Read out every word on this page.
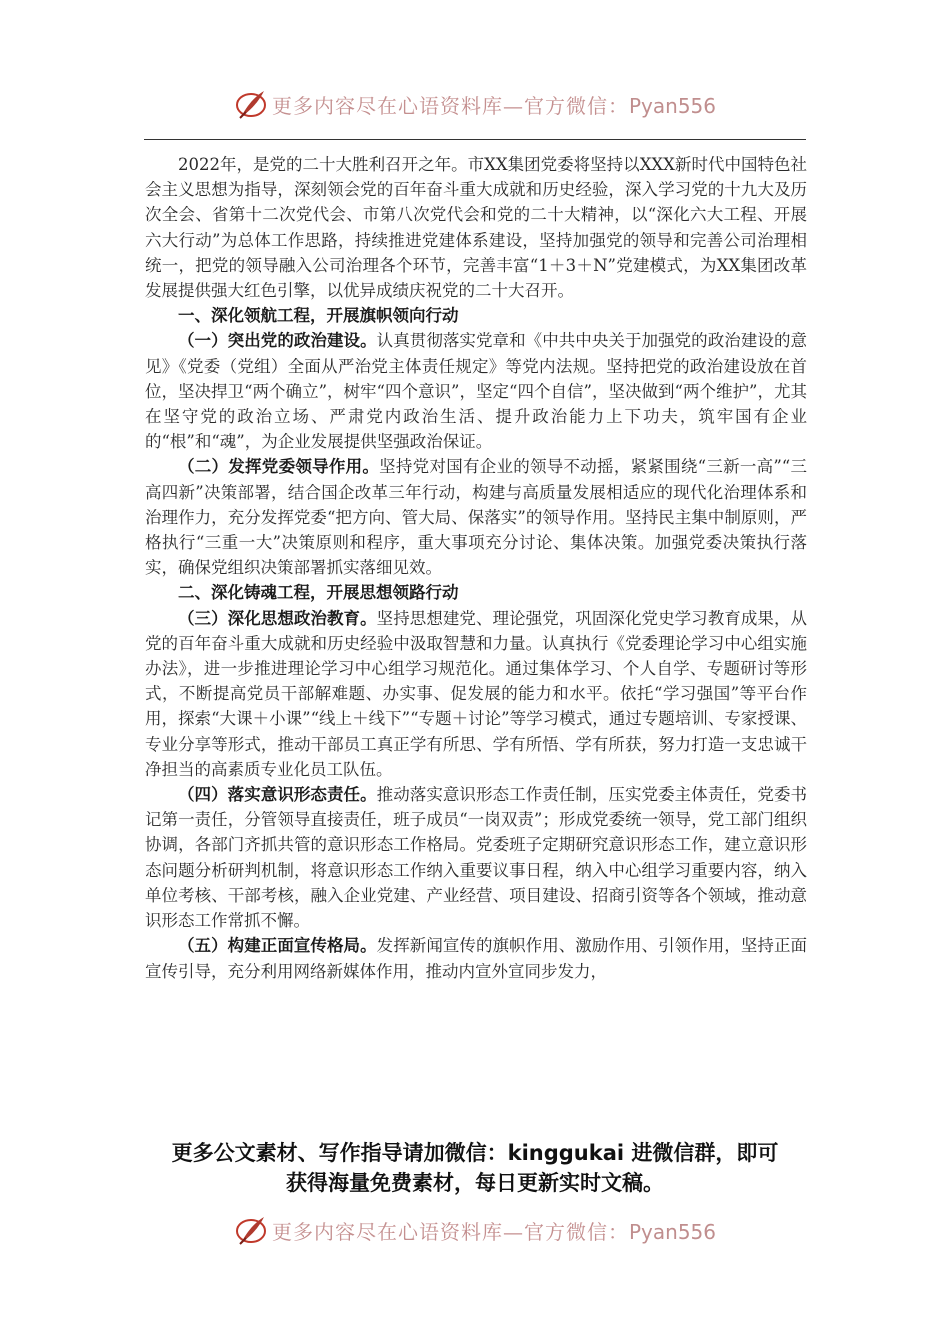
更多内容尽在心语资料库—官方微信：Pyan556

2022年，是党的二十大胜利召开之年。市XX集团党委将坚持以XXX新时代中国特色社会主义思想为指导，深刻领会党的百年奋斗重大成就和历史经验，深入学习党的十九大及历次全会、省第十二次党代会、市第八次党代会和党的二十大精神，以“深化六大工程、开展六大行动”为总体工作思路，持续推进党建体系建设，坚持加强党的领导和完善公司治理相统一，把党的领导融入公司治理各个环节，完善丰富“1＋3＋N”党建模式，为XX集团改革发展提供强大红色引擎，以优异成绩庆祝党的二十大召开。

一、深化领航工程，开展旗帜领向行动

（一）突出党的政治建设。认真贯彻落实党章和《中共中央关于加强党的政治建设的意见》《党委（党组）全面从严治党主体责任规定》等党内法规。坚持把党的政治建设放在首位，坚决捍卫“两个确立”，树牢“四个意识”，坚定“四个自信”，坚决做到“两个维护”，尤其在坚守党的政治立场、严肃党内政治生活、提升政治能力上下功夫，筑牢国有企业的“根”和“魂”，为企业发展提供坚强政治保证。

（二）发挥党委领导作用。坚持党对国有企业的领导不动摇，紧紧围绕“三新一高”“三高四新”决策部署，结合国企改革三年行动，构建与高质量发展相适应的现代化治理体系和治理作力，充分发挥党委“把方向、管大局、保落实”的领导作用。坚持民主集中制原则，严格执行“三重一大”决策原则和程序，重大事项充分讨论、集体决策。加强党委决策执行落实，确保党组织决策部署抓实落细见效。

二、深化铸魂工程，开展思想领路行动

（三）深化思想政治教育。坚持思想建党、理论强党，巩固深化党史学习教育成果，从党的百年奋斗重大成就和历史经验中汲取智慧和力量。认真执行《党委理论学习中心组实施办法》，进一步推进理论学习中心组学习规范化。通过集体学习、个人自学、专题研讨等形式，不断提高党员干部解难题、办实事、促发展的能力和水平。依托“学习强国”等平台作用，探索“大课＋小课”“线上＋线下”“专题＋讨论”等学习模式，通过专题培训、专家授课、专业分享等形式，推动干部员工真正学有所思、学有所悟、学有所获，努力打造一支忠诚干净担当的高素质专业化员工队伍。

（四）落实意识形态责任。推动落实意识形态工作责任制，压实党委主体责任，党委书记第一责任，分管领导直接责任，班子成员“一岗双责”；形成党委统一领导，党工部门组织协调，各部门齐抓共管的意识形态工作格局。党委班子定期研究意识形态工作，建立意识形态问题分析研判机制，将意识形态工作纳入重要议事日程，纳入中心组学习重要内容，纳入单位考核、干部考核，融入企业党建、产业经营、项目建设、招商引资等各个领域，推动意识形态工作常抓不懈。

（五）构建正面宣传格局。发挥新闻宣传的旗帜作用、激励作用、引领作用，坚持正面宣传引导，充分利用网络新媒体作用，推动内宣外宣同步发力，

更多公文素材、写作指导请加微信：kinggukai 进微信群，即可
获得海量免费素材，每日更新实时文稿。
更多内容尽在心语资料库—官方微信：Pyan556
